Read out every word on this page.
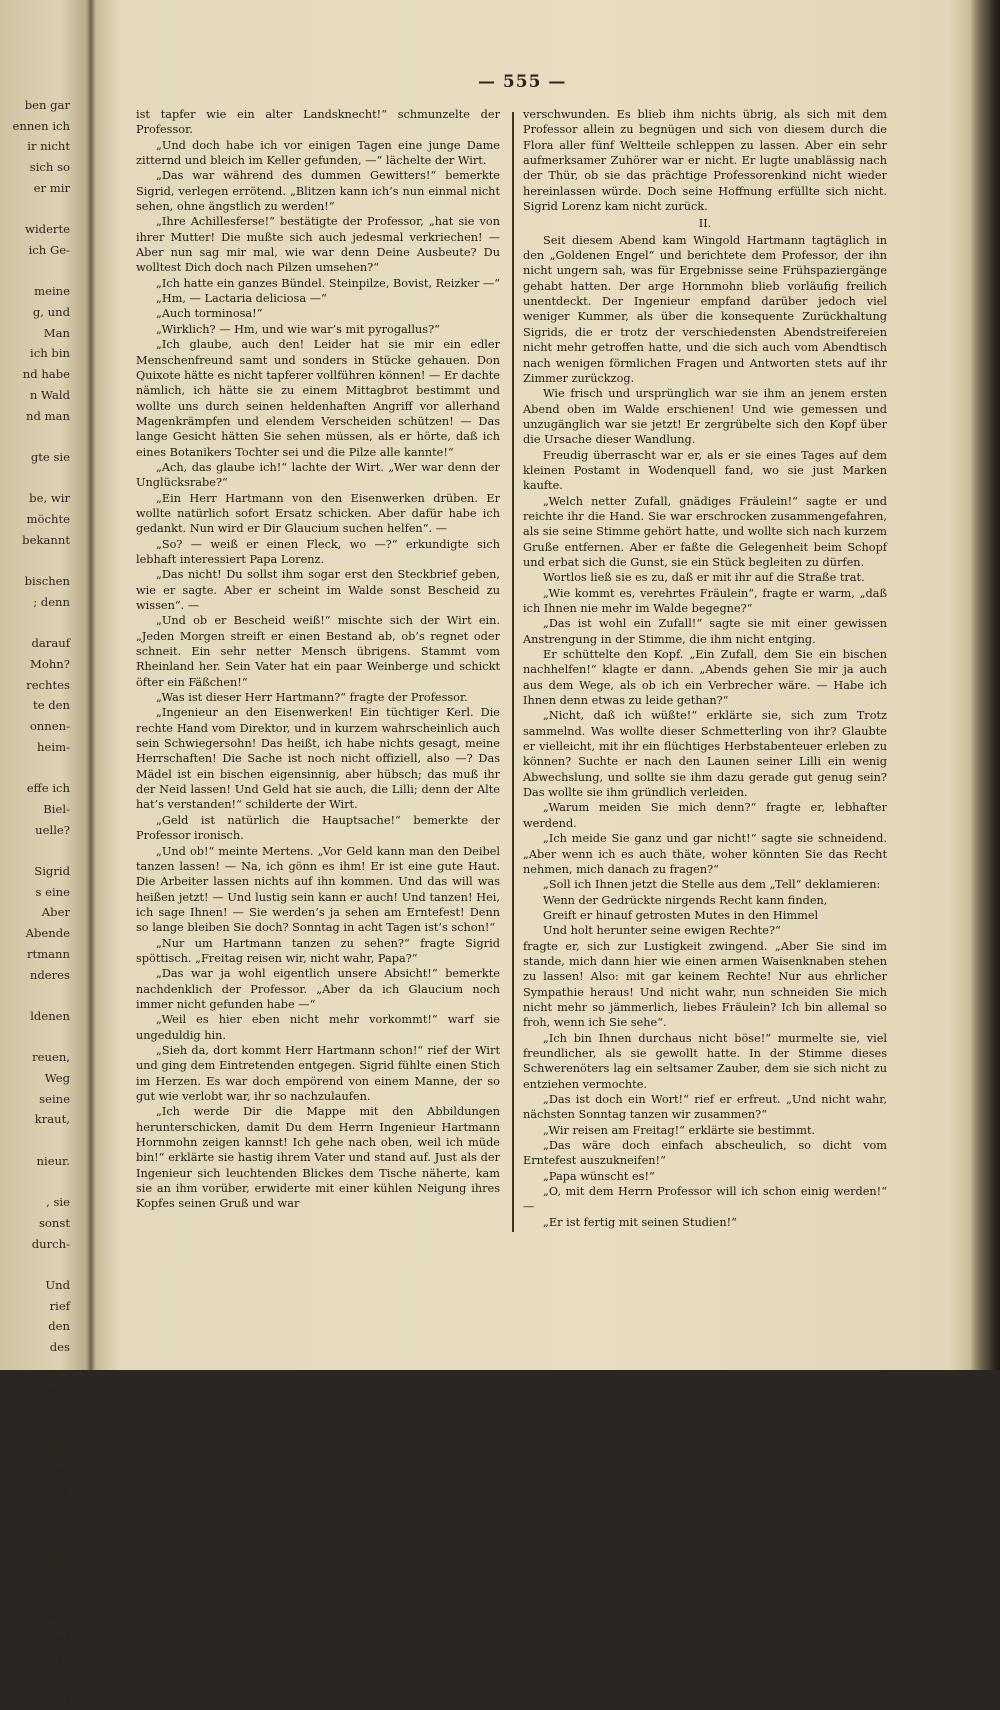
ben gar
ennen ich
ir nicht
sich so
er mir

widerte
ich Ge-

meine
g, und
Man
ich bin
nd habe
n Wald
nd man

gte sie

be, wir
möchte
bekannt

bischen
; denn

darauf
Mohn?
rechtes
te den
onnen-
heim-

effe ich
Biel-
uelle?

Sigrid
s eine
Aber
Abende
rtmann
nderes

ldenen

reuen,
Weg
seine
kraut,

nieur.

, sie
sonst
durch-

Und
rief
den
des

mer-
schon

renz,
Wirt,
sich
end-

ärte
mich
ntel-
lehr
und
zu

rid
— 555 —

ist tapfer wie ein alter Landsknecht!“ schmunzelte der Professor.

„Und doch habe ich vor einigen Tagen eine junge Dame zitternd und bleich im Keller gefunden, —“ lächelte der Wirt.

„Das war während des dummen Gewitters!“ bemerkte Sigrid, verlegen errötend. „Blitzen kann ich’s nun einmal nicht sehen, ohne ängstlich zu werden!“

„Ihre Achillesferse!“ bestätigte der Professor, „hat sie von ihrer Mutter! Die mußte sich auch jedesmal verkriechen! — Aber nun sag mir mal, wie war denn Deine Ausbeute? Du wolltest Dich doch nach Pilzen umsehen?“

„Ich hatte ein ganzes Bündel. Steinpilze, Bovist, Reizker —“

„Hm, — Lactaria deliciosa —“

„Auch torminosa!“

„Wirklich? — Hm, und wie war’s mit pyrogallus?“

„Ich glaube, auch den! Leider hat sie mir ein edler Menschenfreund samt und sonders in Stücke gehauen. Don Quixote hätte es nicht tapferer vollführen können! — Er dachte nämlich, ich hätte sie zu einem Mittagbrot bestimmt und wollte uns durch seinen heldenhaften Angriff vor allerhand Magenkrämpfen und elendem Verscheiden schützen! — Das lange Gesicht hätten Sie sehen müssen, als er hörte, daß ich eines Botanikers Tochter sei und die Pilze alle kannte!“

„Ach, das glaube ich!“ lachte der Wirt. „Wer war denn der Unglücksrabe?“

„Ein Herr Hartmann von den Eisenwerken drüben. Er wollte natürlich sofort Ersatz schicken. Aber dafür habe ich gedankt. Nun wird er Dir Glaucium suchen helfen“. —

„So? — weiß er einen Fleck, wo —?“ erkundigte sich lebhaft interessiert Papa Lorenz.

„Das nicht! Du sollst ihm sogar erst den Steckbrief geben, wie er sagte. Aber er scheint im Walde sonst Bescheid zu wissen“. —

„Und ob er Bescheid weiß!“ mischte sich der Wirt ein. „Jeden Morgen streift er einen Bestand ab, ob’s regnet oder schneit. Ein sehr netter Mensch übrigens. Stammt vom Rheinland her. Sein Vater hat ein paar Weinberge und schickt öfter ein Fäßchen!“

„Was ist dieser Herr Hartmann?“ fragte der Professor.

„Ingenieur an den Eisenwerken! Ein tüchtiger Kerl. Die rechte Hand vom Direktor, und in kurzem wahrscheinlich auch sein Schwiegersohn! Das heißt, ich habe nichts gesagt, meine Herrschaften! Die Sache ist noch nicht offiziell, also —? Das Mädel ist ein bischen eigensinnig, aber hübsch; das muß ihr der Neid lassen! Und Geld hat sie auch, die Lilli; denn der Alte hat’s verstanden!“ schilderte der Wirt.

„Geld ist natürlich die Hauptsache!“ bemerkte der Professor ironisch.

„Und ob!“ meinte Mertens. „Vor Geld kann man den Deibel tanzen lassen! — Na, ich gönn es ihm! Er ist eine gute Haut. Die Arbeiter lassen nichts auf ihn kommen. Und das will was heißen jetzt! — Und lustig sein kann er auch! Und tanzen! Hei, ich sage Ihnen! — Sie werden’s ja sehen am Erntefest! Denn so lange bleiben Sie doch? Sonntag in acht Tagen ist’s schon!“

„Nur um Hartmann tanzen zu sehen?“ fragte Sigrid spöttisch. „Freitag reisen wir, nicht wahr, Papa?“

„Das war ja wohl eigentlich unsere Absicht!“ bemerkte nachdenklich der Professor. „Aber da ich Glaucium noch immer nicht gefunden habe —“

„Weil es hier eben nicht mehr vorkommt!“ warf sie ungeduldig hin.

„Sieh da, dort kommt Herr Hartmann schon!“ rief der Wirt und ging dem Eintretenden entgegen. Sigrid fühlte einen Stich im Herzen. Es war doch empörend von einem Manne, der so gut wie verlobt war, ihr so nachzulaufen.

„Ich werde Dir die Mappe mit den Abbildungen herunterschicken, damit Du dem Herrn Ingenieur Hartmann Hornmohn zeigen kannst! Ich gehe nach oben, weil ich müde bin!“ erklärte sie hastig ihrem Vater und stand auf. Just als der Ingenieur sich leuchtenden Blickes dem Tische näherte, kam sie an ihm vorüber, erwiderte mit einer kühlen Neigung ihres Kopfes seinen Gruß und war

verschwunden. Es blieb ihm nichts übrig, als sich mit dem Professor allein zu begnügen und sich von diesem durch die Flora aller fünf Weltteile schleppen zu lassen. Aber ein sehr aufmerksamer Zuhörer war er nicht. Er lugte unablässig nach der Thür, ob sie das prächtige Professorenkind nicht wieder hereinlassen würde. Doch seine Hoffnung erfüllte sich nicht. Sigrid Lorenz kam nicht zurück.

II.

Seit diesem Abend kam Wingold Hartmann tagtäglich in den „Goldenen Engel“ und berichtete dem Professor, der ihn nicht ungern sah, was für Ergebnisse seine Frühspaziergänge gehabt hatten. Der arge Hornmohn blieb vorläufig freilich unentdeckt. Der Ingenieur empfand darüber jedoch viel weniger Kummer, als über die konsequente Zurückhaltung Sigrids, die er trotz der verschiedensten Abendstreifereien nicht mehr getroffen hatte, und die sich auch vom Abendtisch nach wenigen förmlichen Fragen und Antworten stets auf ihr Zimmer zurückzog.

Wie frisch und ursprünglich war sie ihm an jenem ersten Abend oben im Walde erschienen! Und wie gemessen und unzugänglich war sie jetzt! Er zergrübelte sich den Kopf über die Ursache dieser Wandlung.

Freudig überrascht war er, als er sie eines Tages auf dem kleinen Postamt in Wodenquell fand, wo sie just Marken kaufte.

„Welch netter Zufall, gnädiges Fräulein!“ sagte er und reichte ihr die Hand. Sie war erschrocken zusammengefahren, als sie seine Stimme gehört hatte, und wollte sich nach kurzem Gruße entfernen. Aber er faßte die Gelegenheit beim Schopf und erbat sich die Gunst, sie ein Stück begleiten zu dürfen.

Wortlos ließ sie es zu, daß er mit ihr auf die Straße trat.

„Wie kommt es, verehrtes Fräulein“, fragte er warm, „daß ich Ihnen nie mehr im Walde begegne?“

„Das ist wohl ein Zufall!“ sagte sie mit einer gewissen Anstrengung in der Stimme, die ihm nicht entging.

Er schüttelte den Kopf. „Ein Zufall, dem Sie ein bischen nachhelfen!“ klagte er dann. „Abends gehen Sie mir ja auch aus dem Wege, als ob ich ein Verbrecher wäre. — Habe ich Ihnen denn etwas zu leide gethan?“

„Nicht, daß ich wüßte!“ erklärte sie, sich zum Trotz sammelnd. Was wollte dieser Schmetterling von ihr? Glaubte er vielleicht, mit ihr ein flüchtiges Herbstabenteuer erleben zu können? Suchte er nach den Launen seiner Lilli ein wenig Abwechslung, und sollte sie ihm dazu gerade gut genug sein? Das wollte sie ihm gründlich verleiden.

„Warum meiden Sie mich denn?“ fragte er, lebhafter werdend.

„Ich meide Sie ganz und gar nicht!“ sagte sie schneidend. „Aber wenn ich es auch thäte, woher könnten Sie das Recht nehmen, mich danach zu fragen?“

„Soll ich Ihnen jetzt die Stelle aus dem „Tell“ deklamieren:

Wenn der Gedrückte nirgends Recht kann finden,

Greift er hinauf getrosten Mutes in den Himmel

Und holt herunter seine ewigen Rechte?“

fragte er, sich zur Lustigkeit zwingend. „Aber Sie sind im stande, mich dann hier wie einen armen Waisenknaben stehen zu lassen! Also: mit gar keinem Rechte! Nur aus ehrlicher Sympathie heraus! Und nicht wahr, nun schneiden Sie mich nicht mehr so jämmerlich, liebes Fräulein? Ich bin allemal so froh, wenn ich Sie sehe“.

„Ich bin Ihnen durchaus nicht böse!“ murmelte sie, viel freundlicher, als sie gewollt hatte. In der Stimme dieses Schwerenöters lag ein seltsamer Zauber, dem sie sich nicht zu entziehen vermochte.

„Das ist doch ein Wort!“ rief er erfreut. „Und nicht wahr, nächsten Sonntag tanzen wir zusammen?“

„Wir reisen am Freitag!“ erklärte sie bestimmt.

„Das wäre doch einfach abscheulich, so dicht vom Erntefest auszukneifen!“

„Papa wünscht es!“

„O, mit dem Herrn Professor will ich schon einig werden!“ —

„Er ist fertig mit seinen Studien!“
